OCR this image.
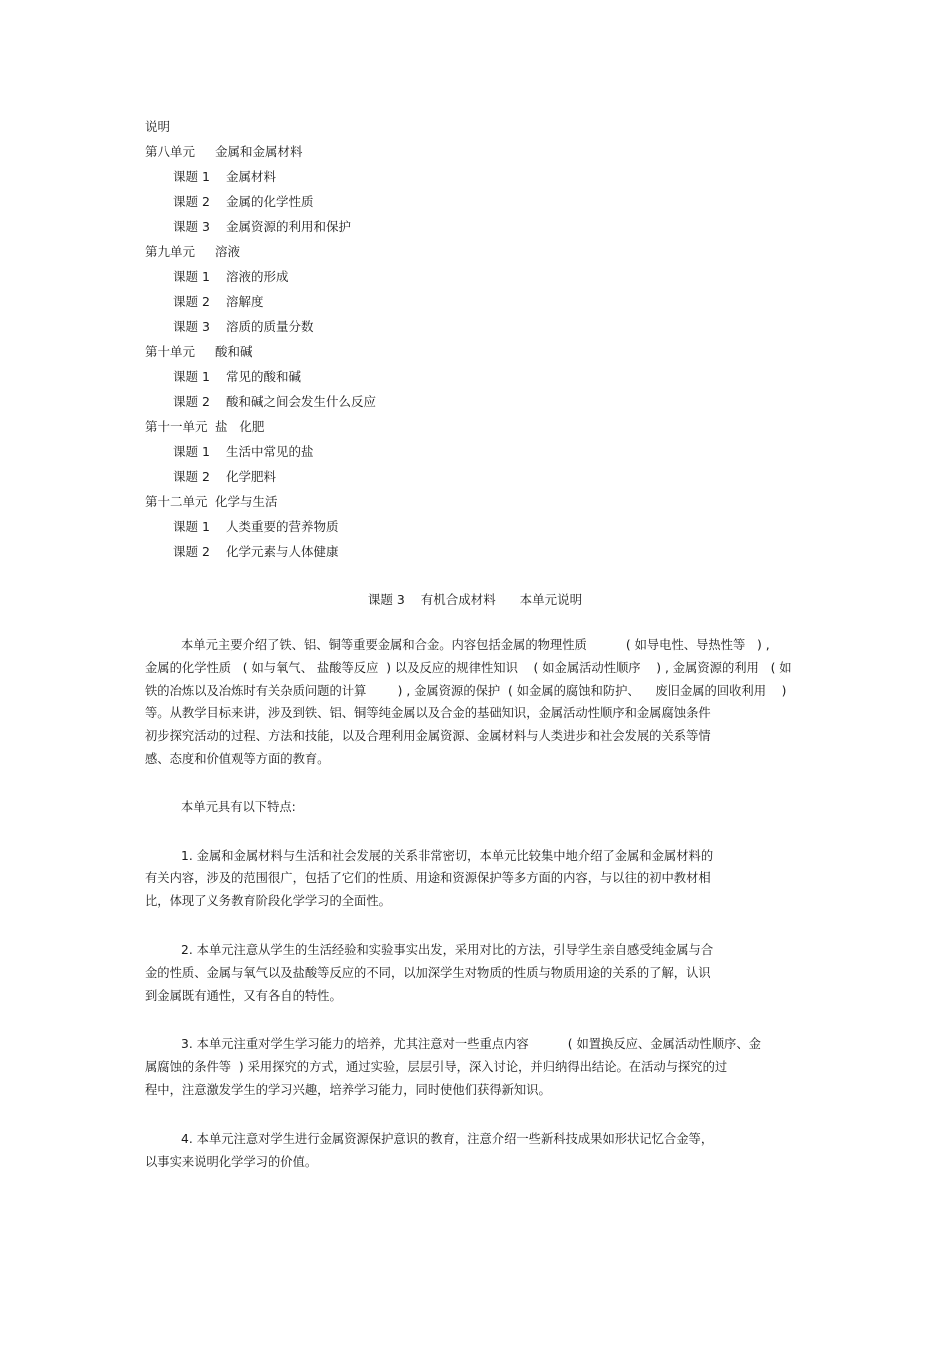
说明
第八单元 金属和金属材料
课题 1 金属材料
课题 2 金属的化学性质
课题 3 金属资源的利用和保护
第九单元 溶液
课题 1 溶液的形成
课题 2 溶解度
课题 3 溶质的质量分数
第十单元 酸和碱
课题 1 常见的酸和碱
课题 2 酸和碱之间会发生什么反应
第十一单元 盐   化肥
课题 1 生活中常见的盐
课题 2 化学肥料
第十二单元 化学与生活
课题 1 人类重要的营养物质
课题 2 化学元素与人体健康
课题 3    有机合成材料      本单元说明

本单元主要介绍了铁、铝、铜等重要金属和合金。内容包括金属的物理性质          ( 如导电性、导热性等   ) ,
金属的化学性质   ( 如与氧气、 盐酸等反应  ) 以及反应的规律性知识    ( 如金属活动性顺序    ) , 金属资源的利用   ( 如
铁的冶炼以及冶炼时有关杂质问题的计算        ) , 金属资源的保护  ( 如金属的腐蚀和防护、    废旧金属的回收利用    )
等。从教学目标来讲，涉及到铁、铝、铜等纯金属以及合金的基础知识，金属活动性顺序和金属腐蚀条件
初步探究活动的过程、方法和技能，以及合理利用金属资源、金属材料与人类进步和社会发展的关系等情
感、态度和价值观等方面的教育。

本单元具有以下特点:

1. 金属和金属材料与生活和社会发展的关系非常密切，本单元比较集中地介绍了金属和金属材料的
有关内容，涉及的范围很广，包括了它们的性质、用途和资源保护等多方面的内容，与以往的初中教材相
比，体现了义务教育阶段化学学习的全面性。

2. 本单元注意从学生的生活经验和实验事实出发，采用对比的方法，引导学生亲自感受纯金属与合
金的性质、金属与氧气以及盐酸等反应的不同，以加深学生对物质的性质与物质用途的关系的了解，认识
到金属既有通性，又有各自的特性。

3. 本单元注重对学生学习能力的培养，尤其注意对一些重点内容          ( 如置换反应、金属活动性顺序、金
属腐蚀的条件等  ) 采用探究的方式，通过实验，层层引导，深入讨论，并归纳得出结论。在活动与探究的过
程中，注意激发学生的学习兴趣，培养学习能力，同时使他们获得新知识。

4. 本单元注意对学生进行金属资源保护意识的教育，注意介绍一些新科技成果如形状记忆合金等，
以事实来说明化学学习的价值。
